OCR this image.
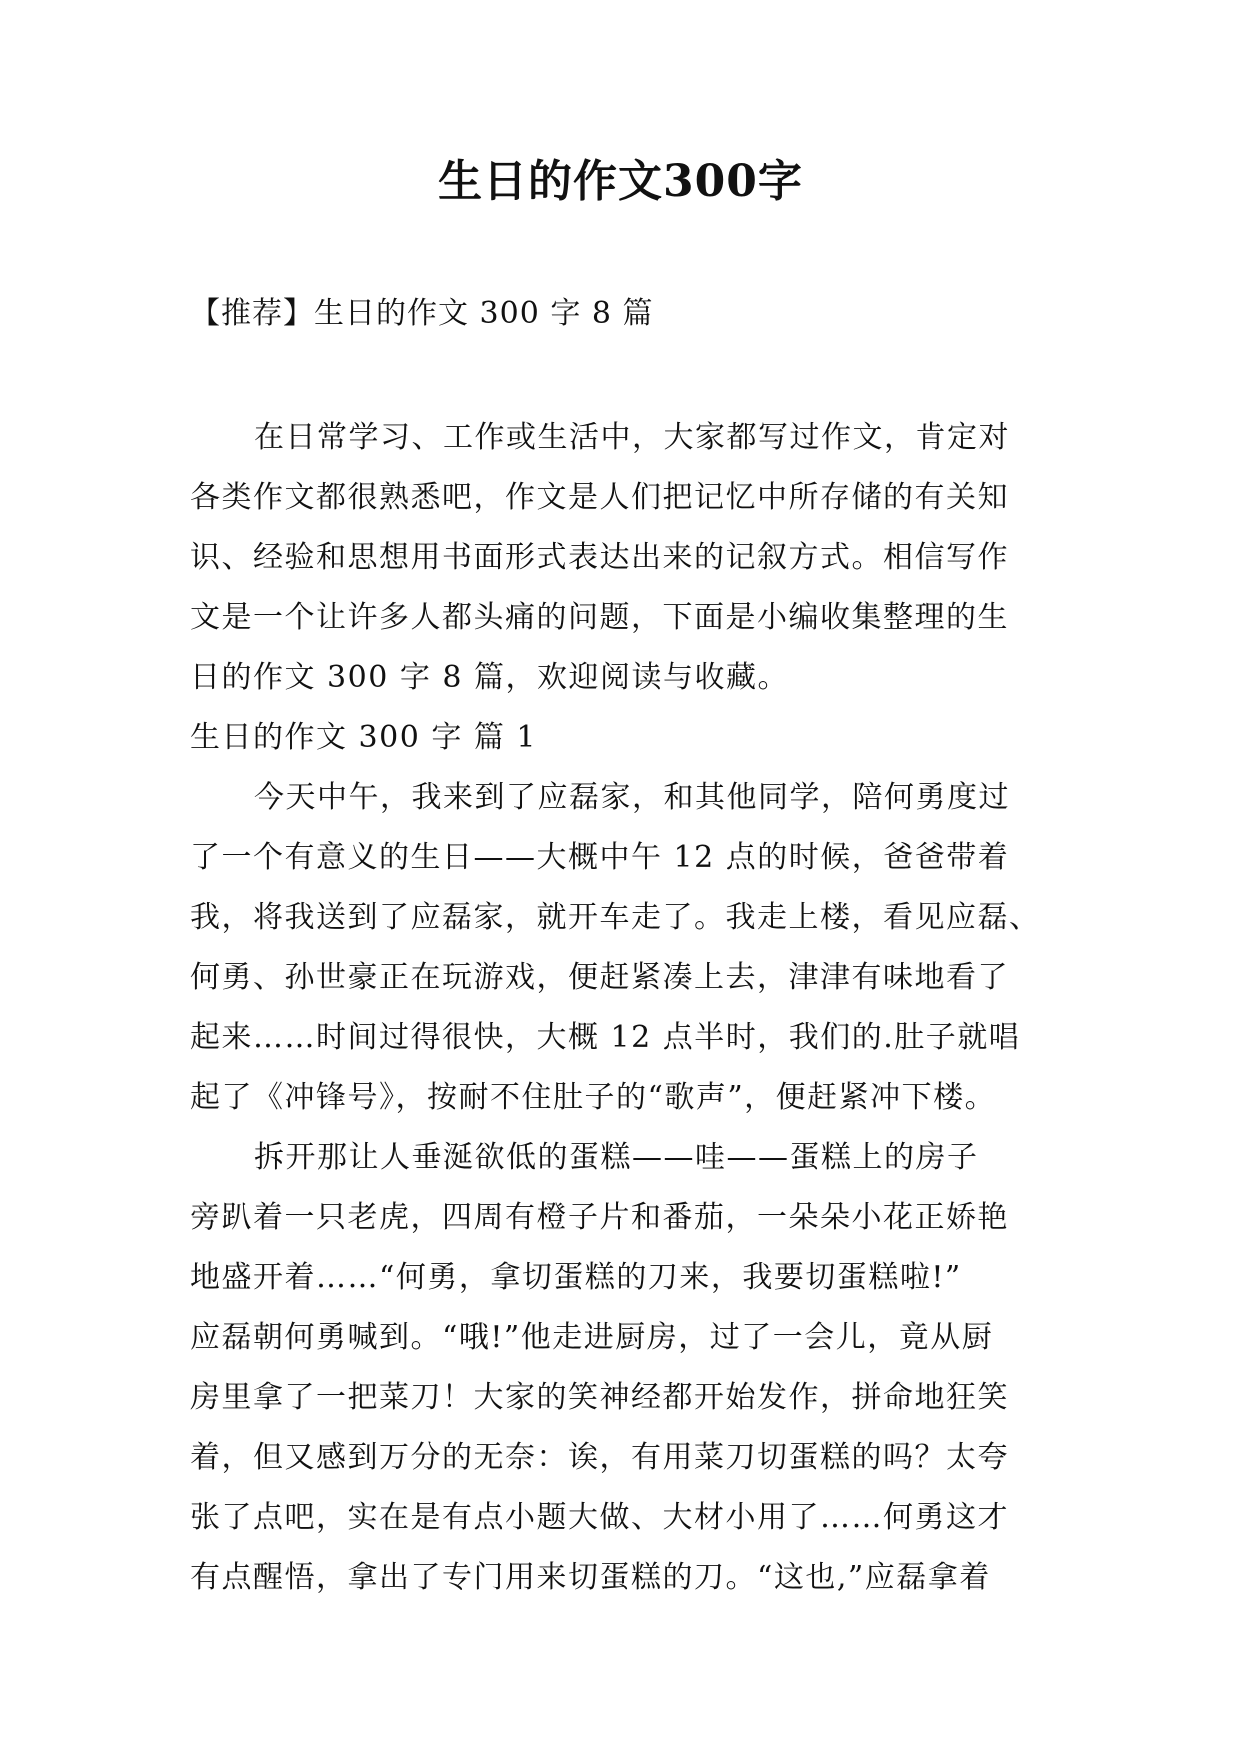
生日的作文300字

【推荐】生日的作文 300 字 8 篇

在日常学习、工作或生活中，大家都写过作文，肯定对

各类作文都很熟悉吧，作文是人们把记忆中所存储的有关知

识、经验和思想用书面形式表达出来的记叙方式。相信写作

文是一个让许多人都头痛的问题，下面是小编收集整理的生

日的作文 300 字 8 篇，欢迎阅读与收藏。

生日的作文 300 字 篇 1

今天中午，我来到了应磊家，和其他同学，陪何勇度过

了一个有意义的生日——大概中午 12 点的时候，爸爸带着

我，将我送到了应磊家，就开车走了。我走上楼，看见应磊、

何勇、孙世豪正在玩游戏，便赶紧凑上去，津津有味地看了

起来……时间过得很快，大概 12 点半时，我们的.肚子就唱

起了《冲锋号》，按耐不住肚子的“歌声”，便赶紧冲下楼。

拆开那让人垂涎欲低的蛋糕——哇——蛋糕上的房子

旁趴着一只老虎，四周有橙子片和番茄，一朵朵小花正娇艳

地盛开着……“何勇，拿切蛋糕的刀来，我要切蛋糕啦!”

应磊朝何勇喊到。“哦!”他走进厨房，过了一会儿，竟从厨

房里拿了一把菜刀！大家的笑神经都开始发作，拼命地狂笑

着，但又感到万分的无奈：诶，有用菜刀切蛋糕的吗？太夸

张了点吧，实在是有点小题大做、大材小用了……何勇这才

有点醒悟，拿出了专门用来切蛋糕的刀。“这也,”应磊拿着
